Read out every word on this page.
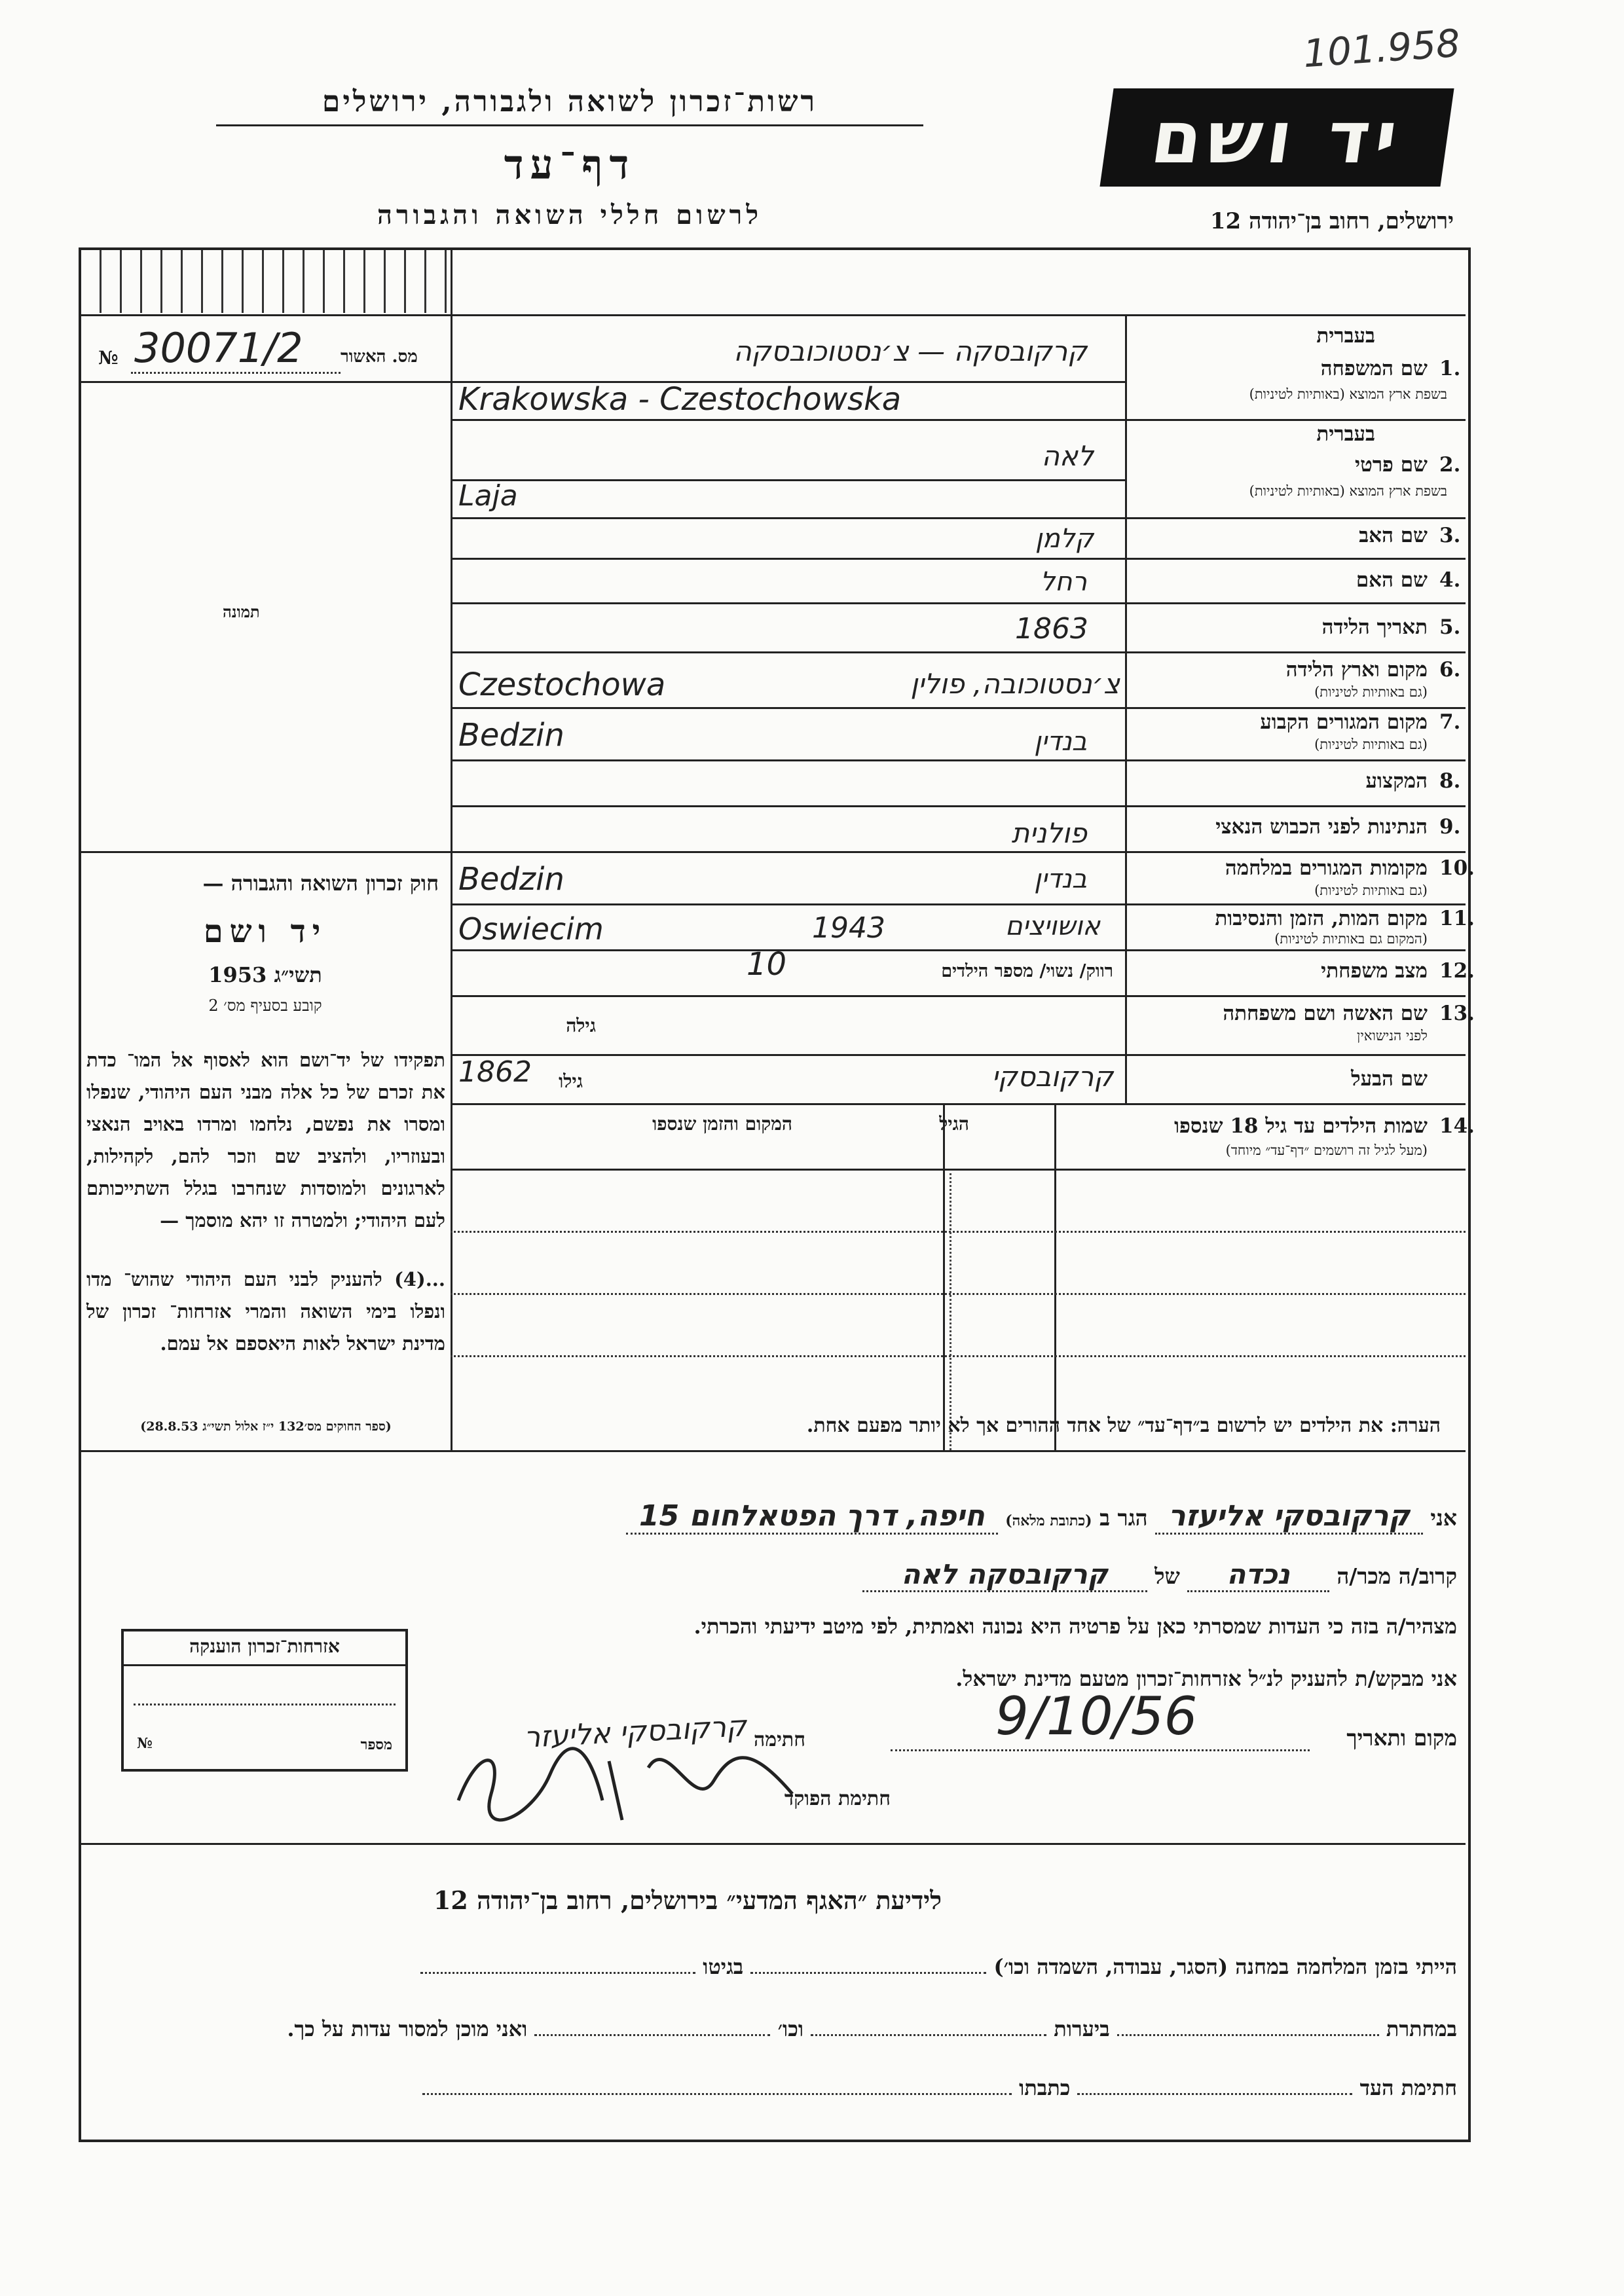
101.958
רשות־זכרון לשואה ולגבורה, ירושלים
דף־עד
לרשום חללי השואה והגבורה
יד ושם
ירושלים, רחוב בן־יהודה 12
№ 30071/2 מס. האשור
תמונה
חוק זכרון השואה והגבורה —
יד ושם
תשי״ג 1953
קובע בסעיף מס׳ 2
תפקידו של יד־ושם הוא לאסוף אל המו־ כדת את זכרם של כל אלה מבני העם היהודי, שנפלו ומסרו את נפשם, נלחמו ומרדו באויב הנאצי ובעוזריו, ולהציב שם וזכר להם, לקהילות, לארגונים ולמוסדות שנחרבו בגלל השתייכותם לעם היהודי; ולמטרה זו יהא מוסמך —
...(4) להעניק לבני העם היהודי שהוש־ מדו ונפלו בימי השואה והמרי אזרחות־ זכרון של מדינת ישראל לאות היאספם אל עמם.
(ספר החוקים מס׳132 י״ז אלול תשי״ג 28.8.53)
בעברית
1.
שם המשפחה
בשפת ארץ המוצא (באותיות לטיניות)
קרקובסקה — צ׳נסטוכובסקה
Krakowska - Czestochowska
בעברית
2.
שם פרטי
בשפת ארץ המוצא (באותיות לטיניות)
לאה
Laja
3.
שם האב
קלמן
4.
שם האם
רחל
5.
תאריך הלידה
1863
6.
מקום וארץ הלידה
(גם באותיות לטיניות)
צ׳נסטוכובה, פולין
Czestochowa
7.
מקום המגורים הקבוע
(גם באותיות לטיניות)
בנדין
Bedzin
8.
המקצוע
9.
הנתינות לפני הכבוש הנאצי
פולנית
10.
מקומות המגורים במלחמה
(גם באותיות לטיניות)
בנדין
Bedzin
11.
מקום המות, הזמן והנסיבות
(המקום גם באותיות לטיניות)
אושויצים
1943
Oswiecim
12.
מצב משפחתי
רווק/ נשוי/ מספר הילדים
10
13.
שם האשה ושם משפחתה
לפני הנישואין
גילה
שם הבעל
קרקובסקי
גילו
1862
14.
שמות הילדים עד גיל 18 שנספו
(מעל לגיל זה רושמים ״דף־עד״ מיוחד)
הגיל
המקום והזמן שנספו
הערה: את הילדים יש לרשום ב״דף־עד״ של אחד ההורים אך לא יותר מפעם אחת.
אני קרקובסקי אליעזר הגר ב (כתובת מלאה) חיפה, דרך הפטאלחום 15
קרוב/ה מכר/ה נכדה של קרקובסקה לאה
מצהיר/ה בזה כי העדות שמסרתי כאן על פרטיה היא נכונה ואמתית, לפי מיטב ידיעתי והכרתי.
אני מבקש/ת להעניק לנ״ל אזרחות־זכרון מטעם מדינת ישראל.
מקום ותאריך
9/10/56
חתימה
קרקובסקי אליעזר
חתימת הפוקד
אזרחות־זכרון הוענקה
מספר
№
לידיעת ״האגף המדעי״ בירושלים, רחוב בן־יהודה 12
הייתי בזמן המלחמה במחנה (הסגר, עבודה, השמדה וכו׳)  בגיטו
במחתרת  ביערות  וכו׳  ואני מוכן למסור עדות על כך.
חתימת העד  כתבתו
